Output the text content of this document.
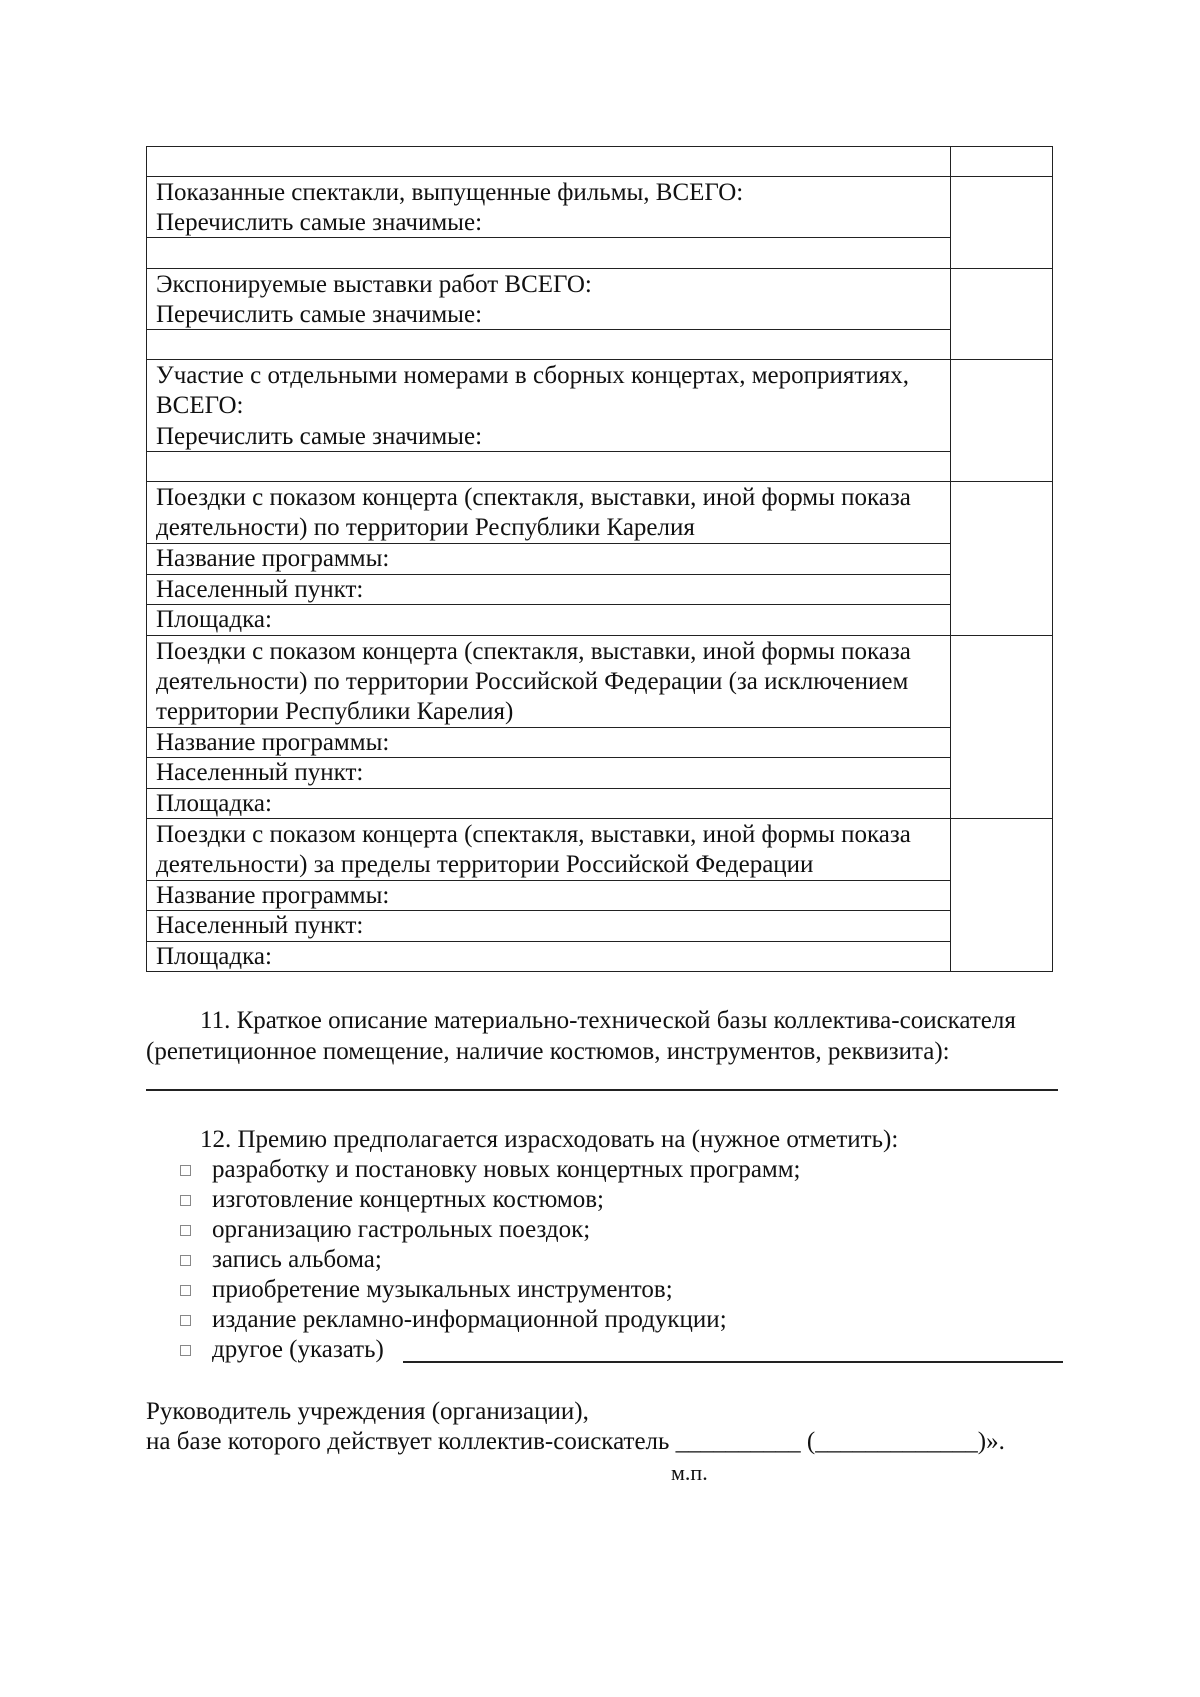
Показанные спектакли, выпущенные фильмы, ВСЕГО:
Перечислить самые значимые:
Экспонируемые выставки работ ВСЕГО:
Перечислить самые значимые:
Участие с отдельными номерами в сборных концертах, мероприятиях,
ВСЕГО:
Перечислить самые значимые:
Поездки с показом концерта (спектакля, выставки, иной формы показа
деятельности) по территории Республики Карелия
Название программы:
Населенный пункт:
Площадка:
Поездки с показом концерта (спектакля, выставки, иной формы показа
деятельности) по территории Российской Федерации (за исключением
территории Республики Карелия)
Название программы:
Населенный пункт:
Площадка:
Поездки с показом концерта (спектакля, выставки, иной формы показа
деятельности) за пределы территории Российской Федерации
Название программы:
Населенный пункт:
Площадка:
11. Краткое описание материально-технической базы коллектива-соискателя
(репетиционное помещение, наличие костюмов, инструментов, реквизита):
12. Премию предполагается израсходовать на (нужное отметить):
разработку и постановку новых концертных программ;
изготовление концертных костюмов;
организацию гастрольных поездок;
запись альбома;
приобретение музыкальных инструментов;
издание рекламно-информационной продукции;
другое (указать)
Руководитель учреждения (организации),
на базе которого действует коллектив-соискатель __________ (_____________)».
м.п.
